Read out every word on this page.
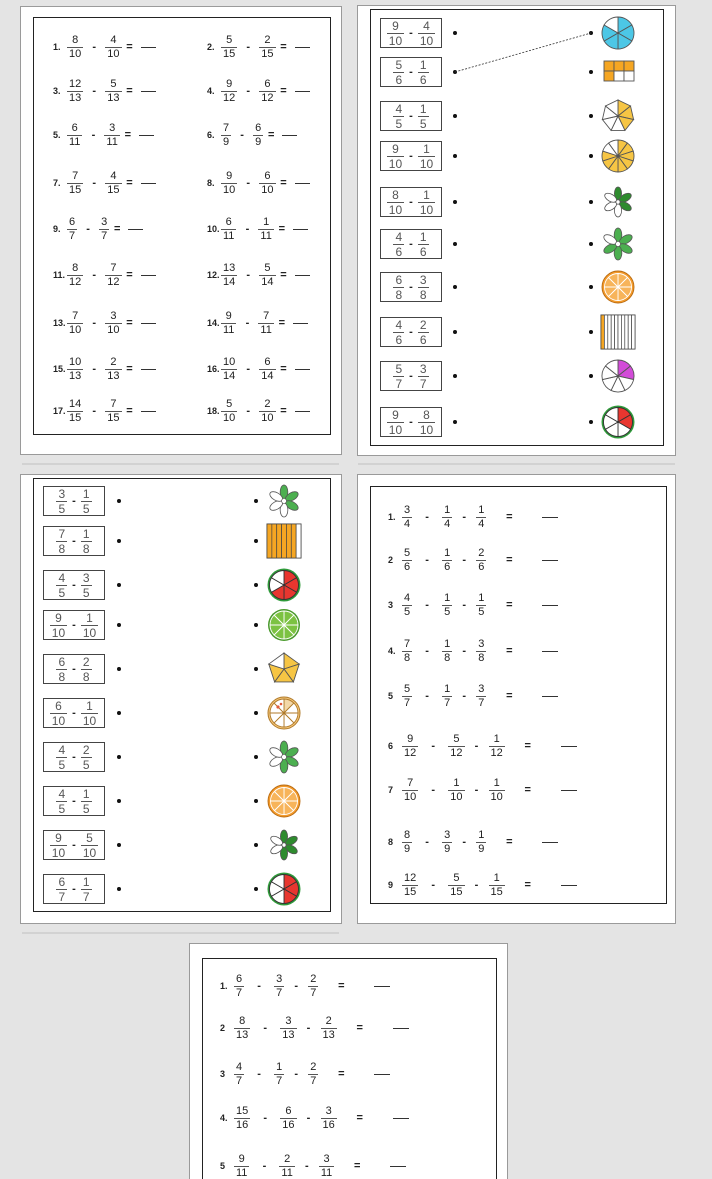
1. $\frac{8}{10} - \frac{4}{10}$ =	2. $\frac{5}{15} - \frac{2}{15}$ =
3. $\frac{12}{13} - \frac{5}{13}$ =	4. $\frac{9}{12} - \frac{6}{12}$ =
5. $\frac{6}{11} - \frac{3}{11}$ =	6. $\frac{7}{9} - \frac{6}{9}$ =
7. $\frac{7}{15} - \frac{4}{15}$ =	8. $\frac{9}{10} - \frac{6}{10}$ =
9. $\frac{6}{7} - \frac{3}{7}$ =	10. $\frac{6}{11} - \frac{1}{11}$ =
11. $\frac{8}{12} - \frac{7}{12}$ =	12. $\frac{13}{14} - \frac{5}{14}$ =
13. $\frac{7}{10} - \frac{3}{10}$ =	14. $\frac{9}{11} - \frac{7}{11}$ =
15. $\frac{10}{13} - \frac{2}{13}$ =	16. $\frac{10}{14} - \frac{6}{14}$ =
17. $\frac{14}{15} - \frac{7}{15}$ =	18. $\frac{5}{10} - \frac{2}{10}$ =
$\frac{9}{10} - \frac{4}{10}$
$\frac{5}{6} - \frac{1}{6}$
$\frac{4}{5} - \frac{1}{5}$
$\frac{9}{10} - \frac{1}{10}$
$\frac{8}{10} - \frac{1}{10}$
$\frac{4}{6} - \frac{1}{6}$
$\frac{6}{8} - \frac{3}{8}$
$\frac{4}{6} - \frac{2}{6}$
$\frac{5}{7} - \frac{3}{7}$
$\frac{9}{10} - \frac{8}{10}$
$\frac{3}{5} - \frac{1}{5}$
$\frac{7}{8} - \frac{1}{8}$
$\frac{4}{5} - \frac{3}{5}$
$\frac{9}{10} - \frac{1}{10}$
$\frac{6}{8} - \frac{2}{8}$
$\frac{6}{10} - \frac{1}{10}$
$\frac{4}{5} - \frac{2}{5}$
$\frac{4}{5} - \frac{1}{5}$
$\frac{9}{10} - \frac{5}{10}$
$\frac{6}{7} - \frac{1}{7}$
1. $\frac{3}{4}$	-	$\frac{1}{4} - \frac{1}{4}$	=
$2 \frac{5}{6}$	-	$\frac{1}{6} - \frac{2}{6}$	=
$3 \frac{4}{5}$	-	$\frac{1}{5} - \frac{1}{5}$	=
4. $\frac{7}{8}$	-	$\frac{1}{8} - \frac{3}{8}$	=
$5 \frac{5}{7}$	-	$\frac{1}{7} - \frac{3}{7}$	=
$6 \frac{9}{12}$	-	$\frac{5}{12} - \frac{1}{12}$	=
$7 \frac{7}{10}$	-	$\frac{1}{10} - \frac{1}{10}$	=
$8 \frac{8}{9}$	-	$\frac{3}{9} - \frac{1}{9}$	=
$9 \frac{12}{15}$	-	$\frac{5}{15} - \frac{1}{15}$	=
1. $\frac{6}{7}$	-	$\frac{3}{7} - \frac{2}{7}$	=
$2 \frac{8}{13}$	-	$\frac{3}{13} - \frac{2}{13}$	=
$3 \frac{4}{7}$	-	$\frac{1}{7} - \frac{2}{7}$	=
4. $\frac{15}{16}$	-	$\frac{6}{16} - \frac{3}{16}$	=
$5 \frac{9}{11}$	-	$\frac{2}{11} - \frac{3}{11}$	=
